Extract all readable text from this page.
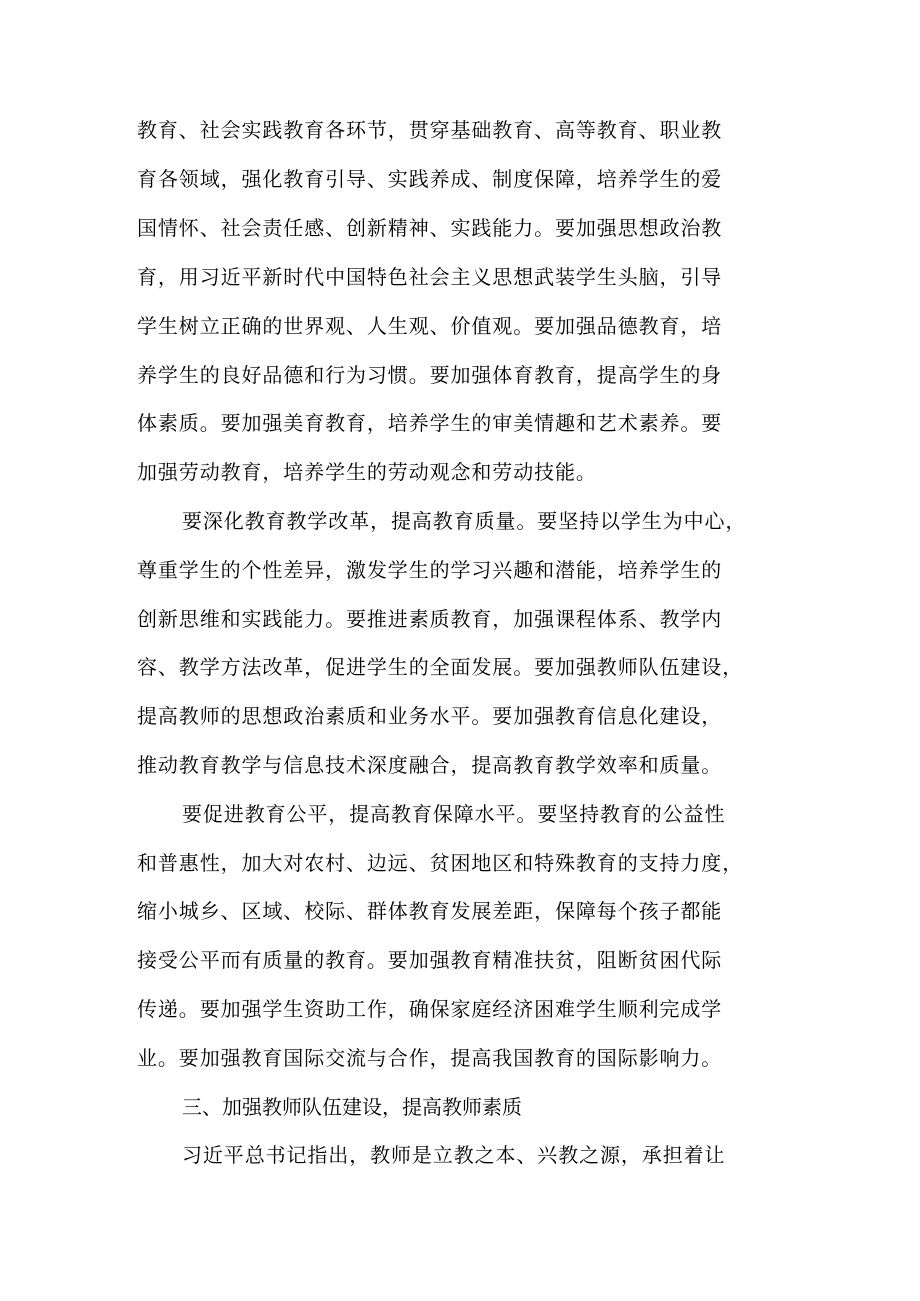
教育、社会实践教育各环节，贯穿基础教育、高等教育、职业教
育各领域，强化教育引导、实践养成、制度保障，培养学生的爱
国情怀、社会责任感、创新精神、实践能力。要加强思想政治教
育，用习近平新时代中国特色社会主义思想武装学生头脑，引导
学生树立正确的世界观、人生观、价值观。要加强品德教育，培
养学生的良好品德和行为习惯。要加强体育教育，提高学生的身
体素质。要加强美育教育，培养学生的审美情趣和艺术素养。要
加强劳动教育，培养学生的劳动观念和劳动技能。
要深化教育教学改革，提高教育质量。要坚持以学生为中心，
尊重学生的个性差异，激发学生的学习兴趣和潜能，培养学生的
创新思维和实践能力。要推进素质教育，加强课程体系、教学内
容、教学方法改革，促进学生的全面发展。要加强教师队伍建设，
提高教师的思想政治素质和业务水平。要加强教育信息化建设，
推动教育教学与信息技术深度融合，提高教育教学效率和质量。
要促进教育公平，提高教育保障水平。要坚持教育的公益性
和普惠性，加大对农村、边远、贫困地区和特殊教育的支持力度，
缩小城乡、区域、校际、群体教育发展差距，保障每个孩子都能
接受公平而有质量的教育。要加强教育精准扶贫，阻断贫困代际
传递。要加强学生资助工作，确保家庭经济困难学生顺利完成学
业。要加强教育国际交流与合作，提高我国教育的国际影响力。
三、加强教师队伍建设，提高教师素质
习近平总书记指出，教师是立教之本、兴教之源，承担着让
